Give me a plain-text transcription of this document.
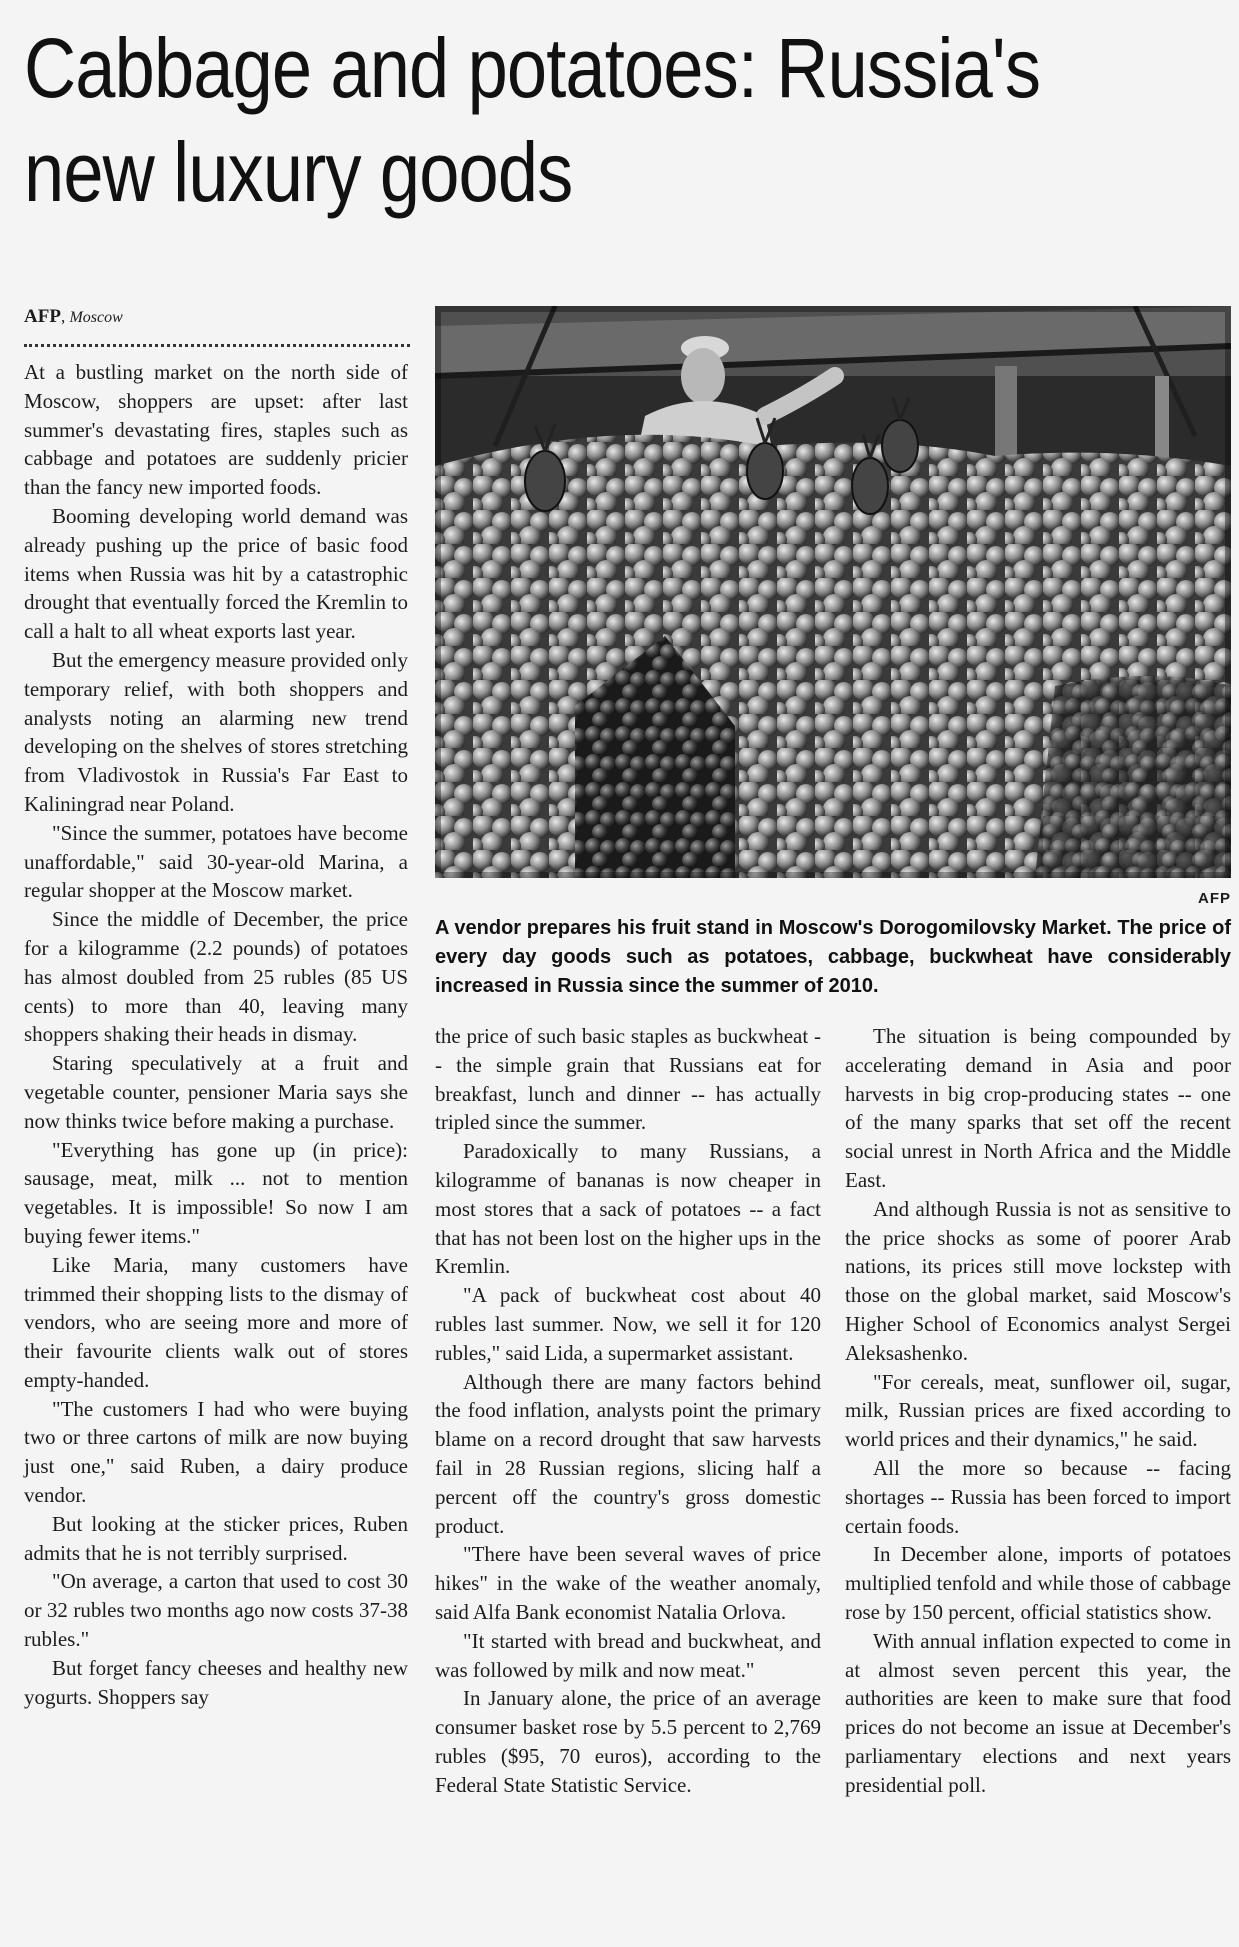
Cabbage and potatoes: Russia's new luxury goods
AFP, Moscow

At a bustling market on the north side of Moscow, shoppers are upset: after last summer's devastating fires, staples such as cabbage and potatoes are suddenly pricier than the fancy new imported foods.

Booming developing world demand was already pushing up the price of basic food items when Russia was hit by a catastrophic drought that eventually forced the Kremlin to call a halt to all wheat exports last year.

But the emergency measure provided only temporary relief, with both shoppers and analysts noting an alarming new trend developing on the shelves of stores stretching from Vladivostok in Russia's Far East to Kaliningrad near Poland.

"Since the summer, potatoes have become unaffordable," said 30-year-old Marina, a regular shopper at the Moscow market.

Since the middle of December, the price for a kilogramme (2.2 pounds) of potatoes has almost doubled from 25 rubles (85 US cents) to more than 40, leaving many shoppers shaking their heads in dismay.

Staring speculatively at a fruit and vegetable counter, pensioner Maria says she now thinks twice before making a purchase.

"Everything has gone up (in price): sausage, meat, milk ... not to mention vegetables. It is impossible! So now I am buying fewer items."

Like Maria, many customers have trimmed their shopping lists to the dismay of vendors, who are seeing more and more of their favourite clients walk out of stores empty-handed.

"The customers I had who were buying two or three cartons of milk are now buying just one," said Ruben, a dairy produce vendor.

But looking at the sticker prices, Ruben admits that he is not terribly surprised.

"On average, a carton that used to cost 30 or 32 rubles two months ago now costs 37-38 rubles."

But forget fancy cheeses and healthy new yogurts. Shoppers say

AFP
A vendor prepares his fruit stand in Moscow's Dorogomilovsky Market. The price of every day goods such as potatoes, cabbage, buckwheat have considerably increased in Russia since the summer of 2010.

the price of such basic staples as buckwheat -- the simple grain that Russians eat for breakfast, lunch and dinner -- has actually tripled since the summer.

Paradoxically to many Russians, a kilogramme of bananas is now cheaper in most stores that a sack of potatoes -- a fact that has not been lost on the higher ups in the Kremlin.

"A pack of buckwheat cost about 40 rubles last summer. Now, we sell it for 120 rubles," said Lida, a supermarket assistant.

Although there are many factors behind the food inflation, analysts point the primary blame on a record drought that saw harvests fail in 28 Russian regions, slicing half a percent off the country's gross domestic product.

"There have been several waves of price hikes" in the wake of the weather anomaly, said Alfa Bank economist Natalia Orlova.

"It started with bread and buckwheat, and was followed by milk and now meat."

In January alone, the price of an average consumer basket rose by 5.5 percent to 2,769 rubles ($95, 70 euros), according to the Federal State Statistic Service.

The situation is being compounded by accelerating demand in Asia and poor harvests in big crop-producing states -- one of the many sparks that set off the recent social unrest in North Africa and the Middle East.

And although Russia is not as sensitive to the price shocks as some of poorer Arab nations, its prices still move lockstep with those on the global market, said Moscow's Higher School of Economics analyst Sergei Aleksashenko.

"For cereals, meat, sunflower oil, sugar, milk, Russian prices are fixed according to world prices and their dynamics," he said.

All the more so because -- facing shortages -- Russia has been forced to import certain foods.

In December alone, imports of potatoes multiplied tenfold and while those of cabbage rose by 150 percent, official statistics show.

With annual inflation expected to come in at almost seven percent this year, the authorities are keen to make sure that food prices do not become an issue at December's parliamentary elections and next years presidential poll.
